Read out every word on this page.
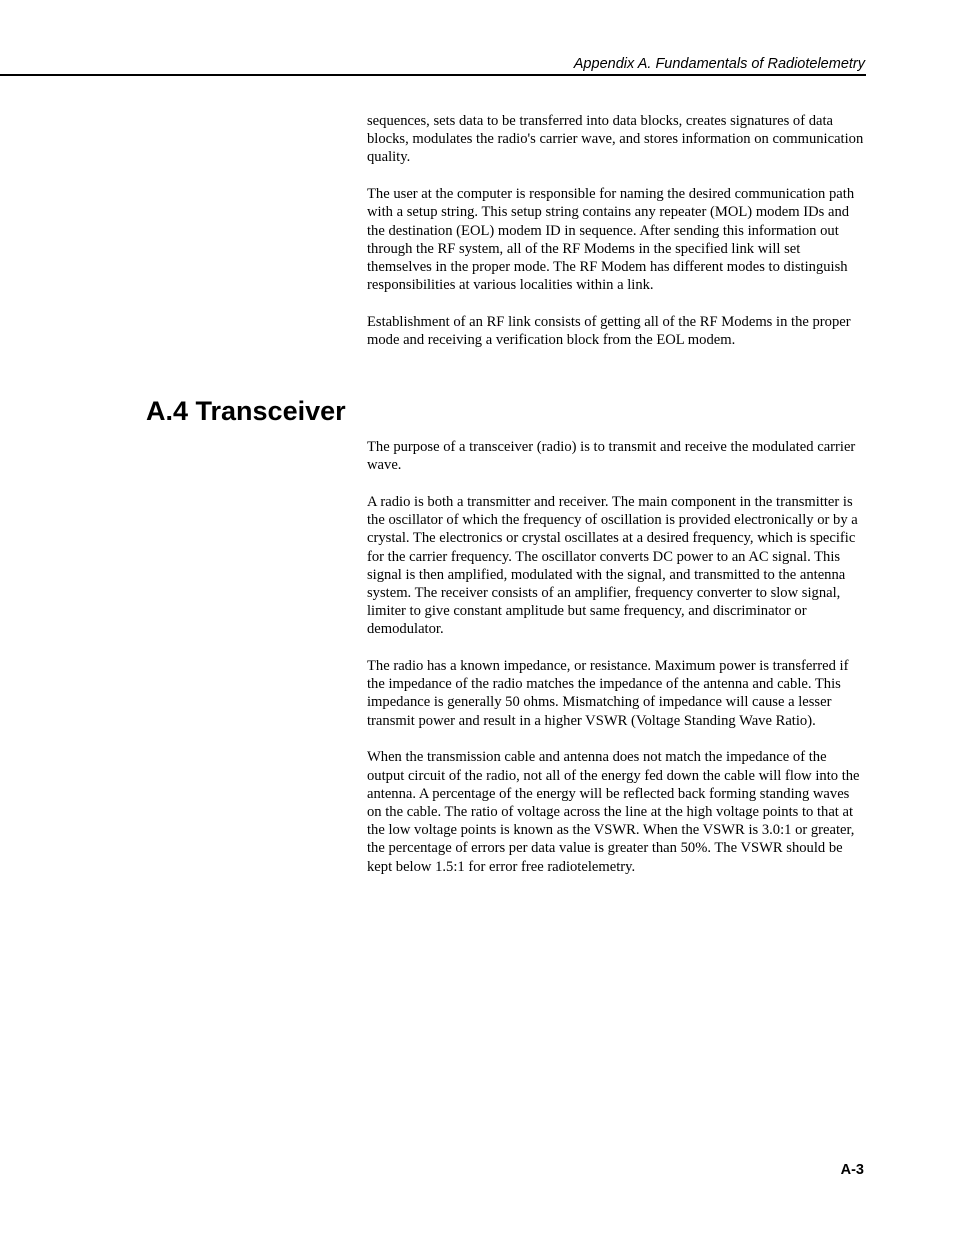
Appendix A. Fundamentals of Radiotelemetry

sequences, sets data to be transferred into data blocks, creates signatures of data blocks, modulates the radio's carrier wave, and stores information on communication quality.

The user at the computer is responsible for naming the desired communication path with a setup string. This setup string contains any repeater (MOL) modem IDs and the destination (EOL) modem ID in sequence. After sending this information out through the RF system, all of the RF Modems in the specified link will set themselves in the proper mode. The RF Modem has different modes to distinguish responsibilities at various localities within a link.

Establishment of an RF link consists of getting all of the RF Modems in the proper mode and receiving a verification block from the EOL modem.

A.4 Transceiver

The purpose of a transceiver (radio) is to transmit and receive the modulated carrier wave.

A radio is both a transmitter and receiver. The main component in the transmitter is the oscillator of which the frequency of oscillation is provided electronically or by a crystal. The electronics or crystal oscillates at a desired frequency, which is specific for the carrier frequency. The oscillator converts DC power to an AC signal. This signal is then amplified, modulated with the signal, and transmitted to the antenna system. The receiver consists of an amplifier, frequency converter to slow signal, limiter to give constant amplitude but same frequency, and discriminator or demodulator.

The radio has a known impedance, or resistance. Maximum power is transferred if the impedance of the radio matches the impedance of the antenna and cable. This impedance is generally 50 ohms. Mismatching of impedance will cause a lesser transmit power and result in a higher VSWR (Voltage Standing Wave Ratio).

When the transmission cable and antenna does not match the impedance of the output circuit of the radio, not all of the energy fed down the cable will flow into the antenna. A percentage of the energy will be reflected back forming standing waves on the cable. The ratio of voltage across the line at the high voltage points to that at the low voltage points is known as the VSWR. When the VSWR is 3.0:1 or greater, the percentage of errors per data value is greater than 50%. The VSWR should be kept below 1.5:1 for error free radiotelemetry.

A-3
